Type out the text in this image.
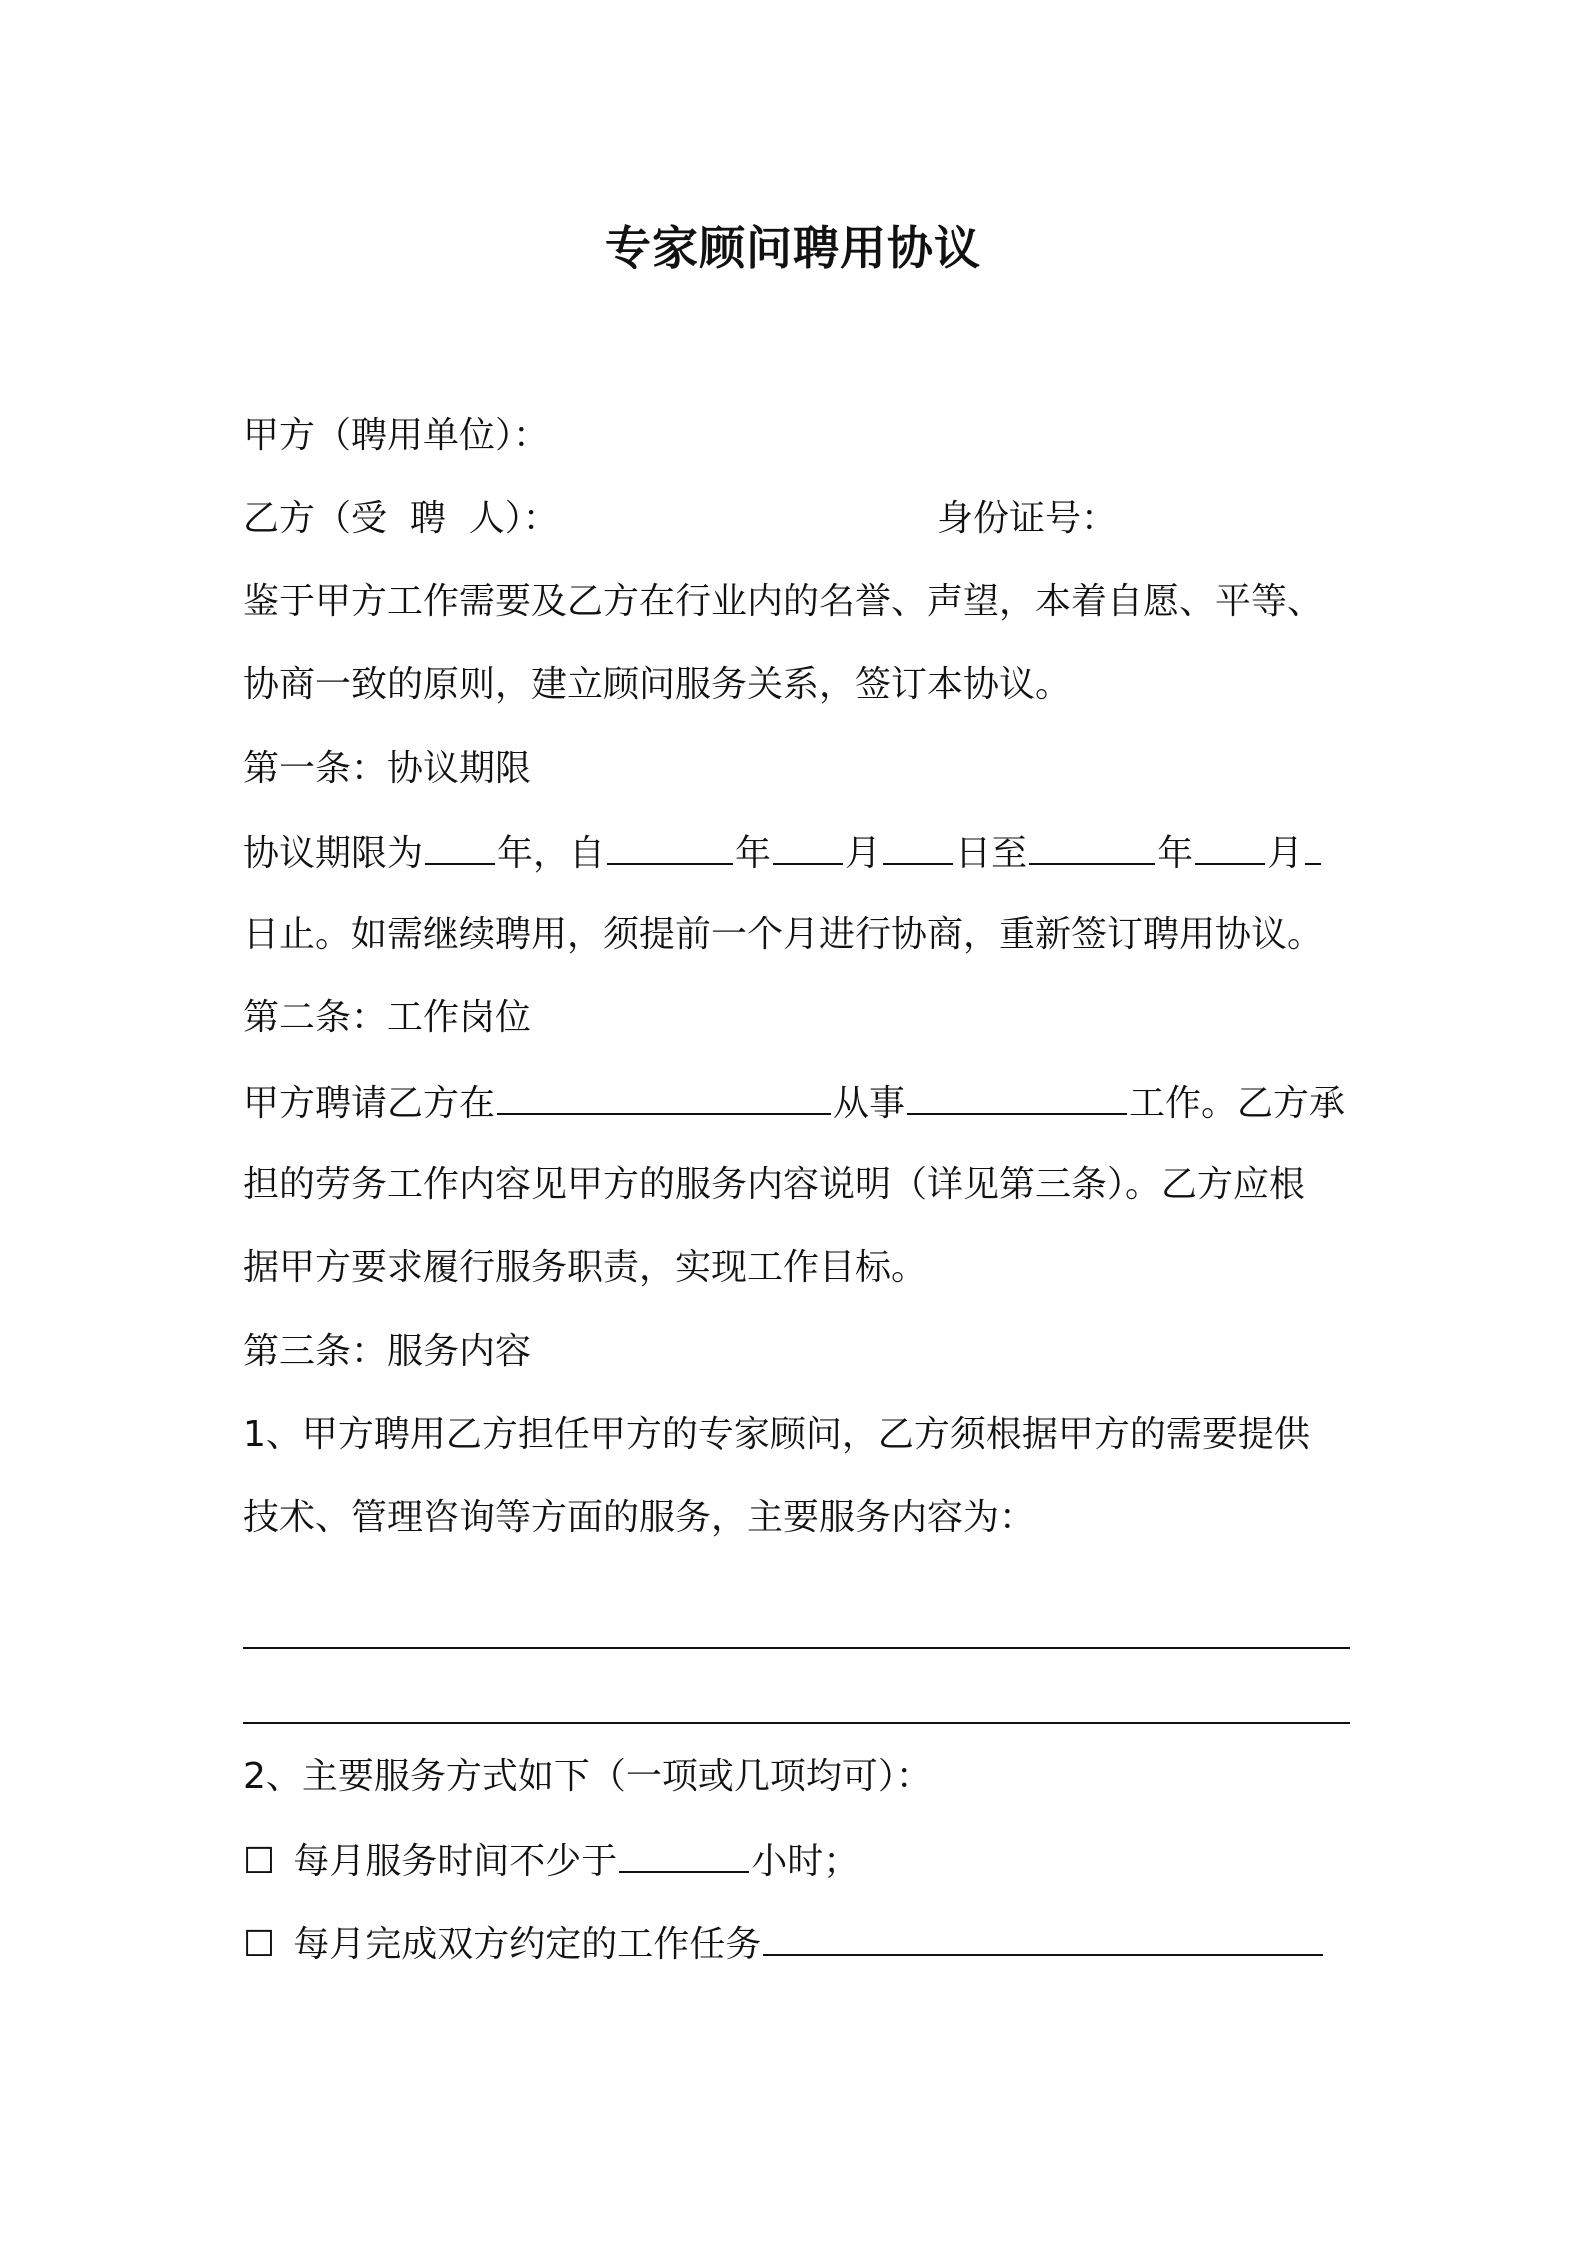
专家顾问聘用协议
甲方（聘用单位）：
乙方（受  聘  人）：	身份证号：
鉴于甲方工作需要及乙方在行业内的名誉、声望，本着自愿、平等、
协商一致的原则，建立顾问服务关系，签订本协议。
第一条：协议期限
协议期限为 年，自	年 月 日至	年 月
日止。如需继续聘用，须提前一个月进行协商，重新签订聘用协议。
第二条：工作岗位
甲方聘请乙方在	从事	工作。乙方承
担的劳务工作内容见甲方的服务内容说明（详见第三条）。乙方应根
据甲方要求履行服务职责，实现工作目标。
第三条：服务内容
1、甲方聘用乙方担任甲方的专家顾问，乙方须根据甲方的需要提供
技术、管理咨询等方面的服务，主要服务内容为：
2、主要服务方式如下（一项或几项均可）：
☐ 每月服务时间不少于	小时；
☐ 每月完成双方约定的工作任务
